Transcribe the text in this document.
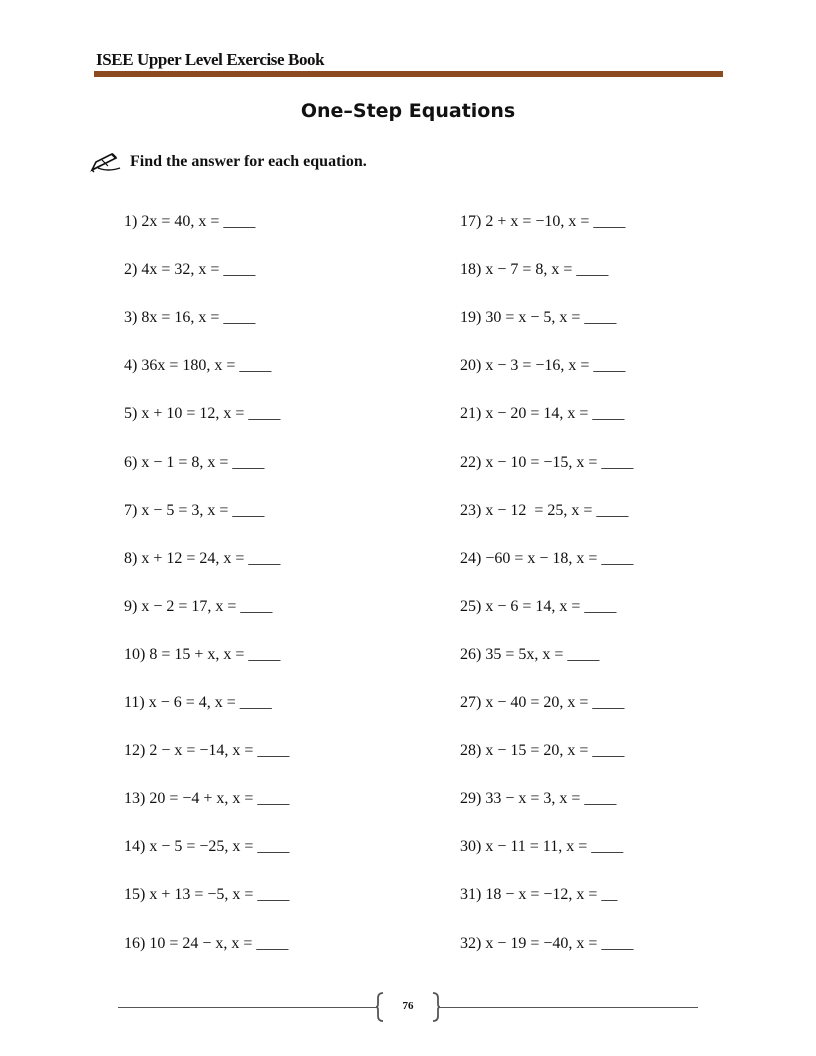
ISEE Upper Level Exercise Book
One–Step Equations
Find the answer for each equation.
1) 2x = 40, x = ____
2) 4x = 32, x = ____
3) 8x = 16, x = ____
4) 36x = 180, x = ____
5) x + 10 = 12, x = ____
6) x − 1 = 8, x = ____
7) x − 5 = 3, x = ____
8) x + 12 = 24, x = ____
9) x − 2 = 17, x = ____
10) 8 = 15 + x, x = ____
11) x − 6 = 4, x = ____
12) 2 − x = −14, x = ____
13) 20 = −4 + x, x = ____
14) x − 5 = −25, x = ____
15) x + 13 = −5, x = ____
16) 10 = 24 − x, x = ____
17) 2 + x = −10, x = ____
18) x − 7 = 8, x = ____
19) 30 = x − 5, x = ____
20) x − 3 = −16, x = ____
21) x − 20 = 14, x = ____
22) x − 10 = −15, x = ____
23) x − 12  = 25, x = ____
24) −60 = x − 18, x = ____
25) x − 6 = 14, x = ____
26) 35 = 5x, x = ____
27) x − 40 = 20, x = ____
28) x − 15 = 20, x = ____
29) 33 − x = 3, x = ____
30) x − 11 = 11, x = ____
31) 18 − x = −12, x = __
32) x − 19 = −40, x = ____
76
